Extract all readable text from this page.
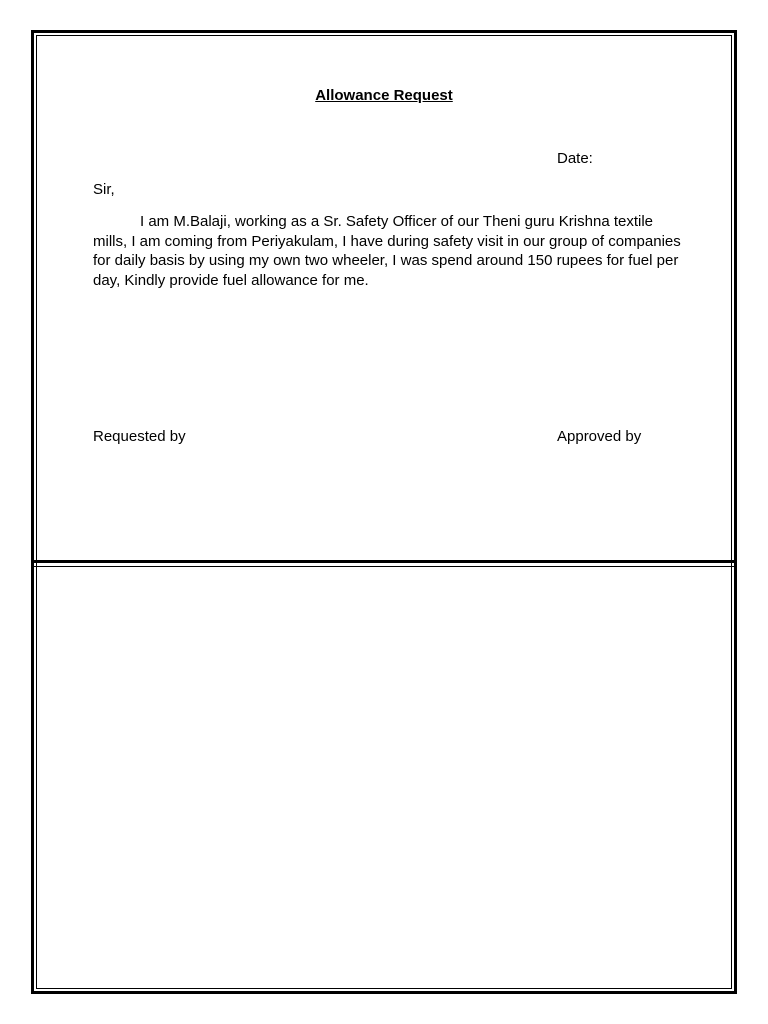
Allowance Request
Date:
Sir,

I am M.Balaji, working as a Sr. Safety Officer of our Theni guru Krishna textile mills, I am coming from Periyakulam, I have during safety visit in our group of companies for daily basis by using my own two wheeler, I was spend around 150 rupees for fuel per day, Kindly provide fuel allowance for me.

Requested by	Approved by
